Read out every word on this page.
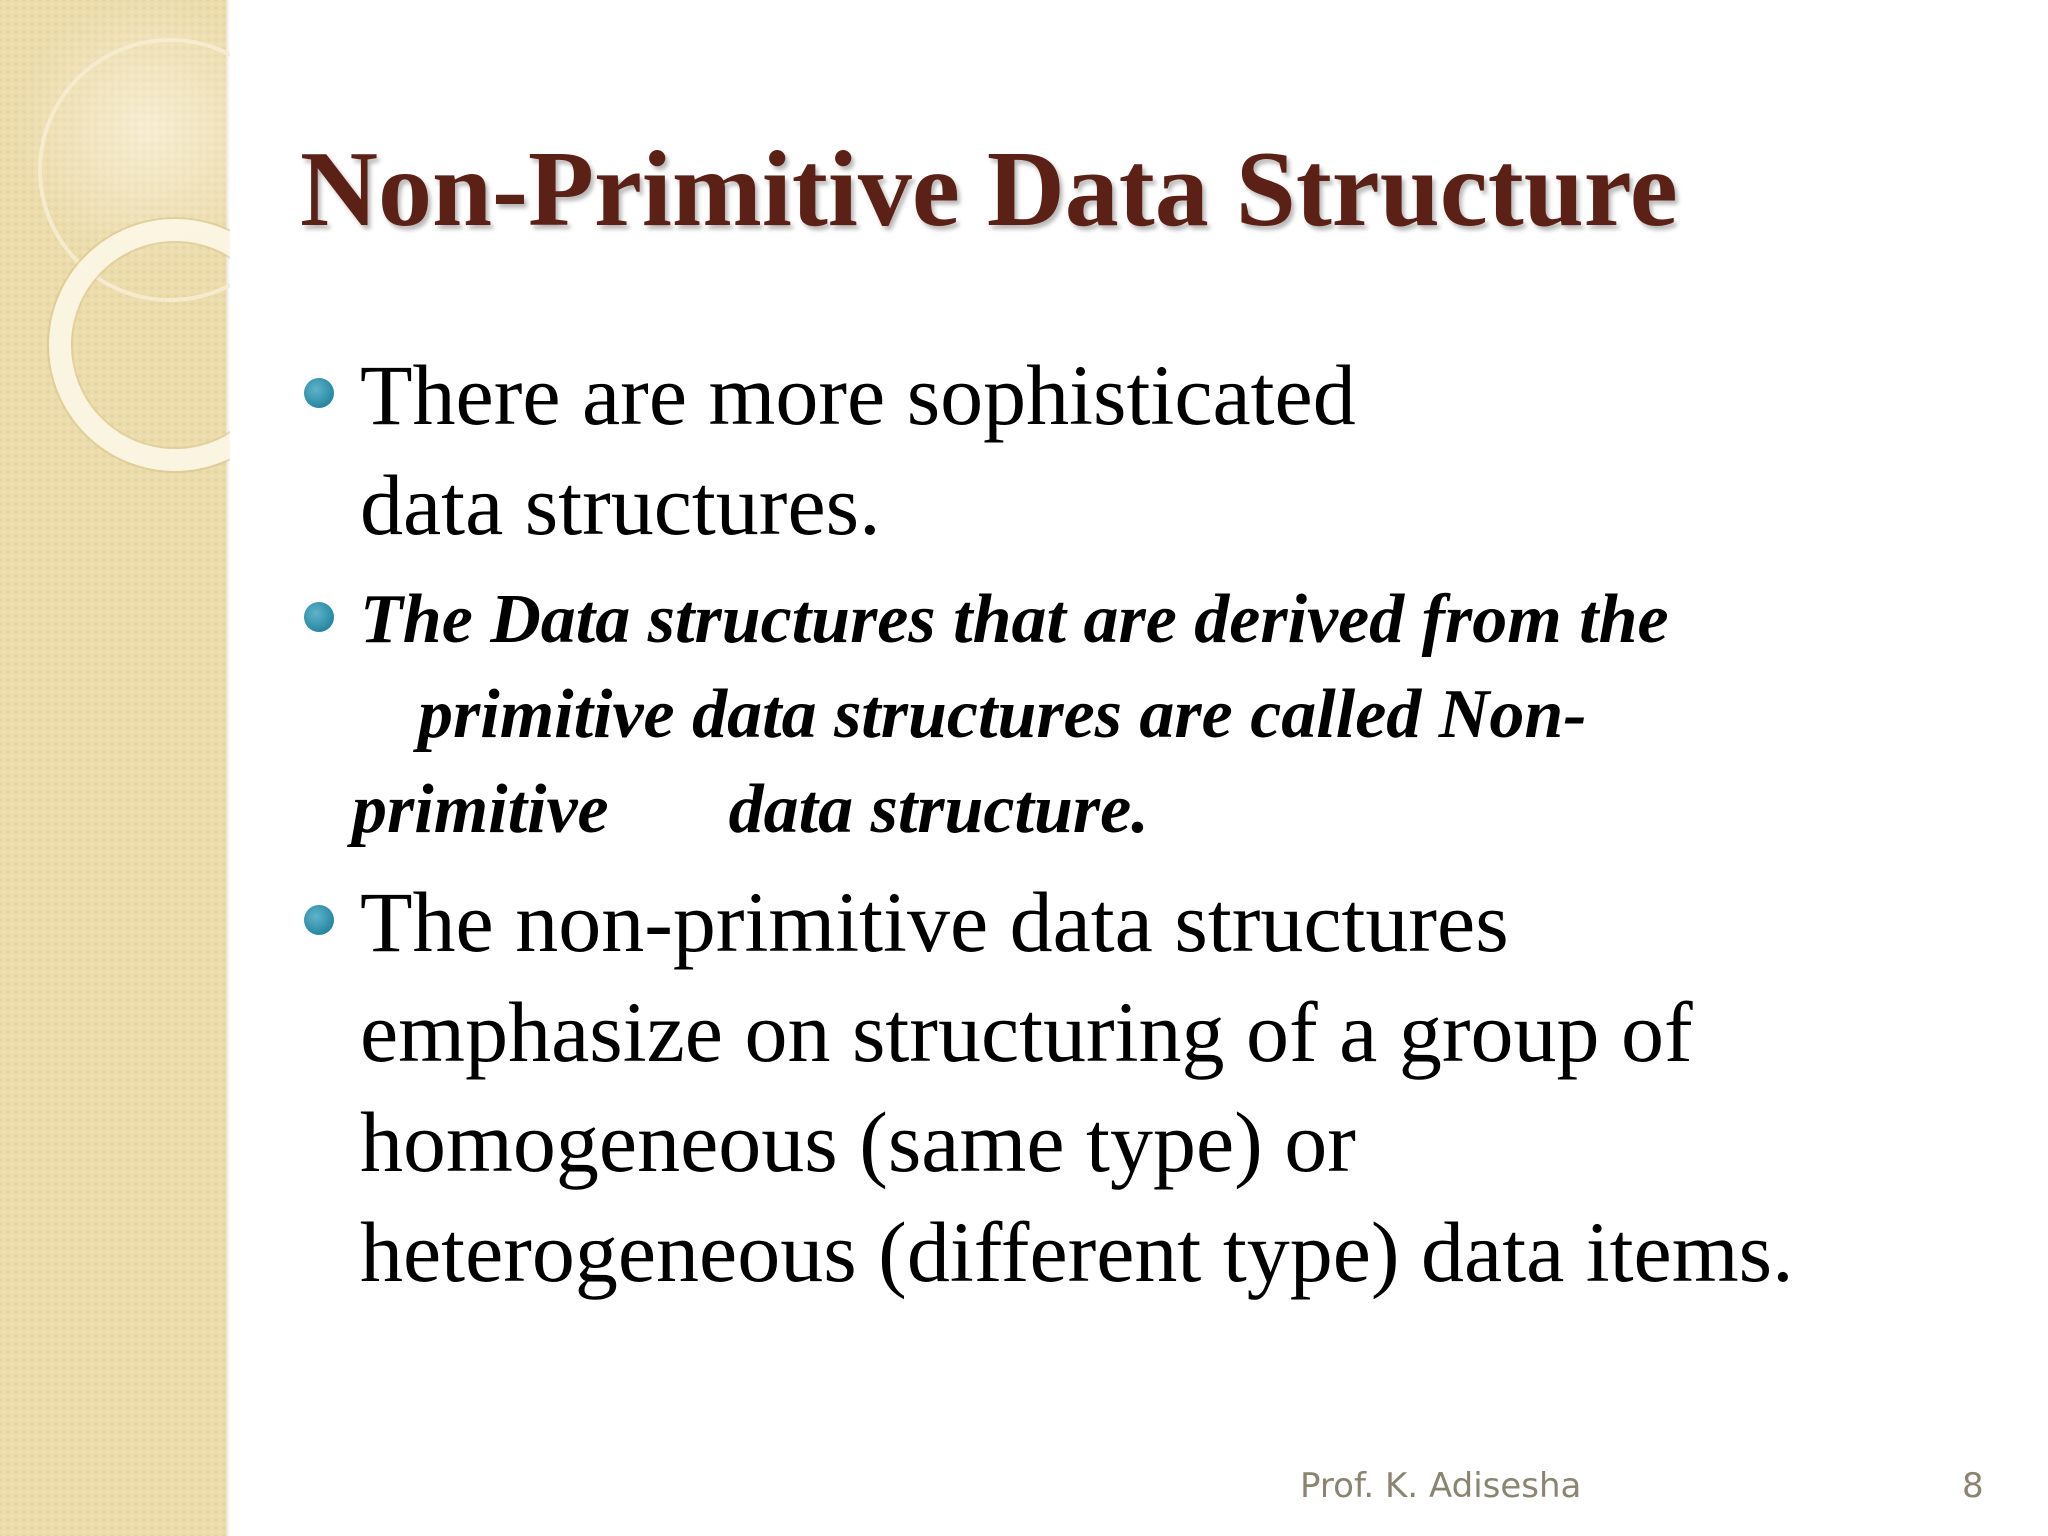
Non-Primitive Data Structure
There are more sophisticated
data structures.
The Data structures that are derived from the
primitive data structures are called Non-
primitive data structure.
The non-primitive data structures
emphasize on structuring of a group of
homogeneous (same type) or
heterogeneous (different type) data items.
Prof. K. Adisesha	8
